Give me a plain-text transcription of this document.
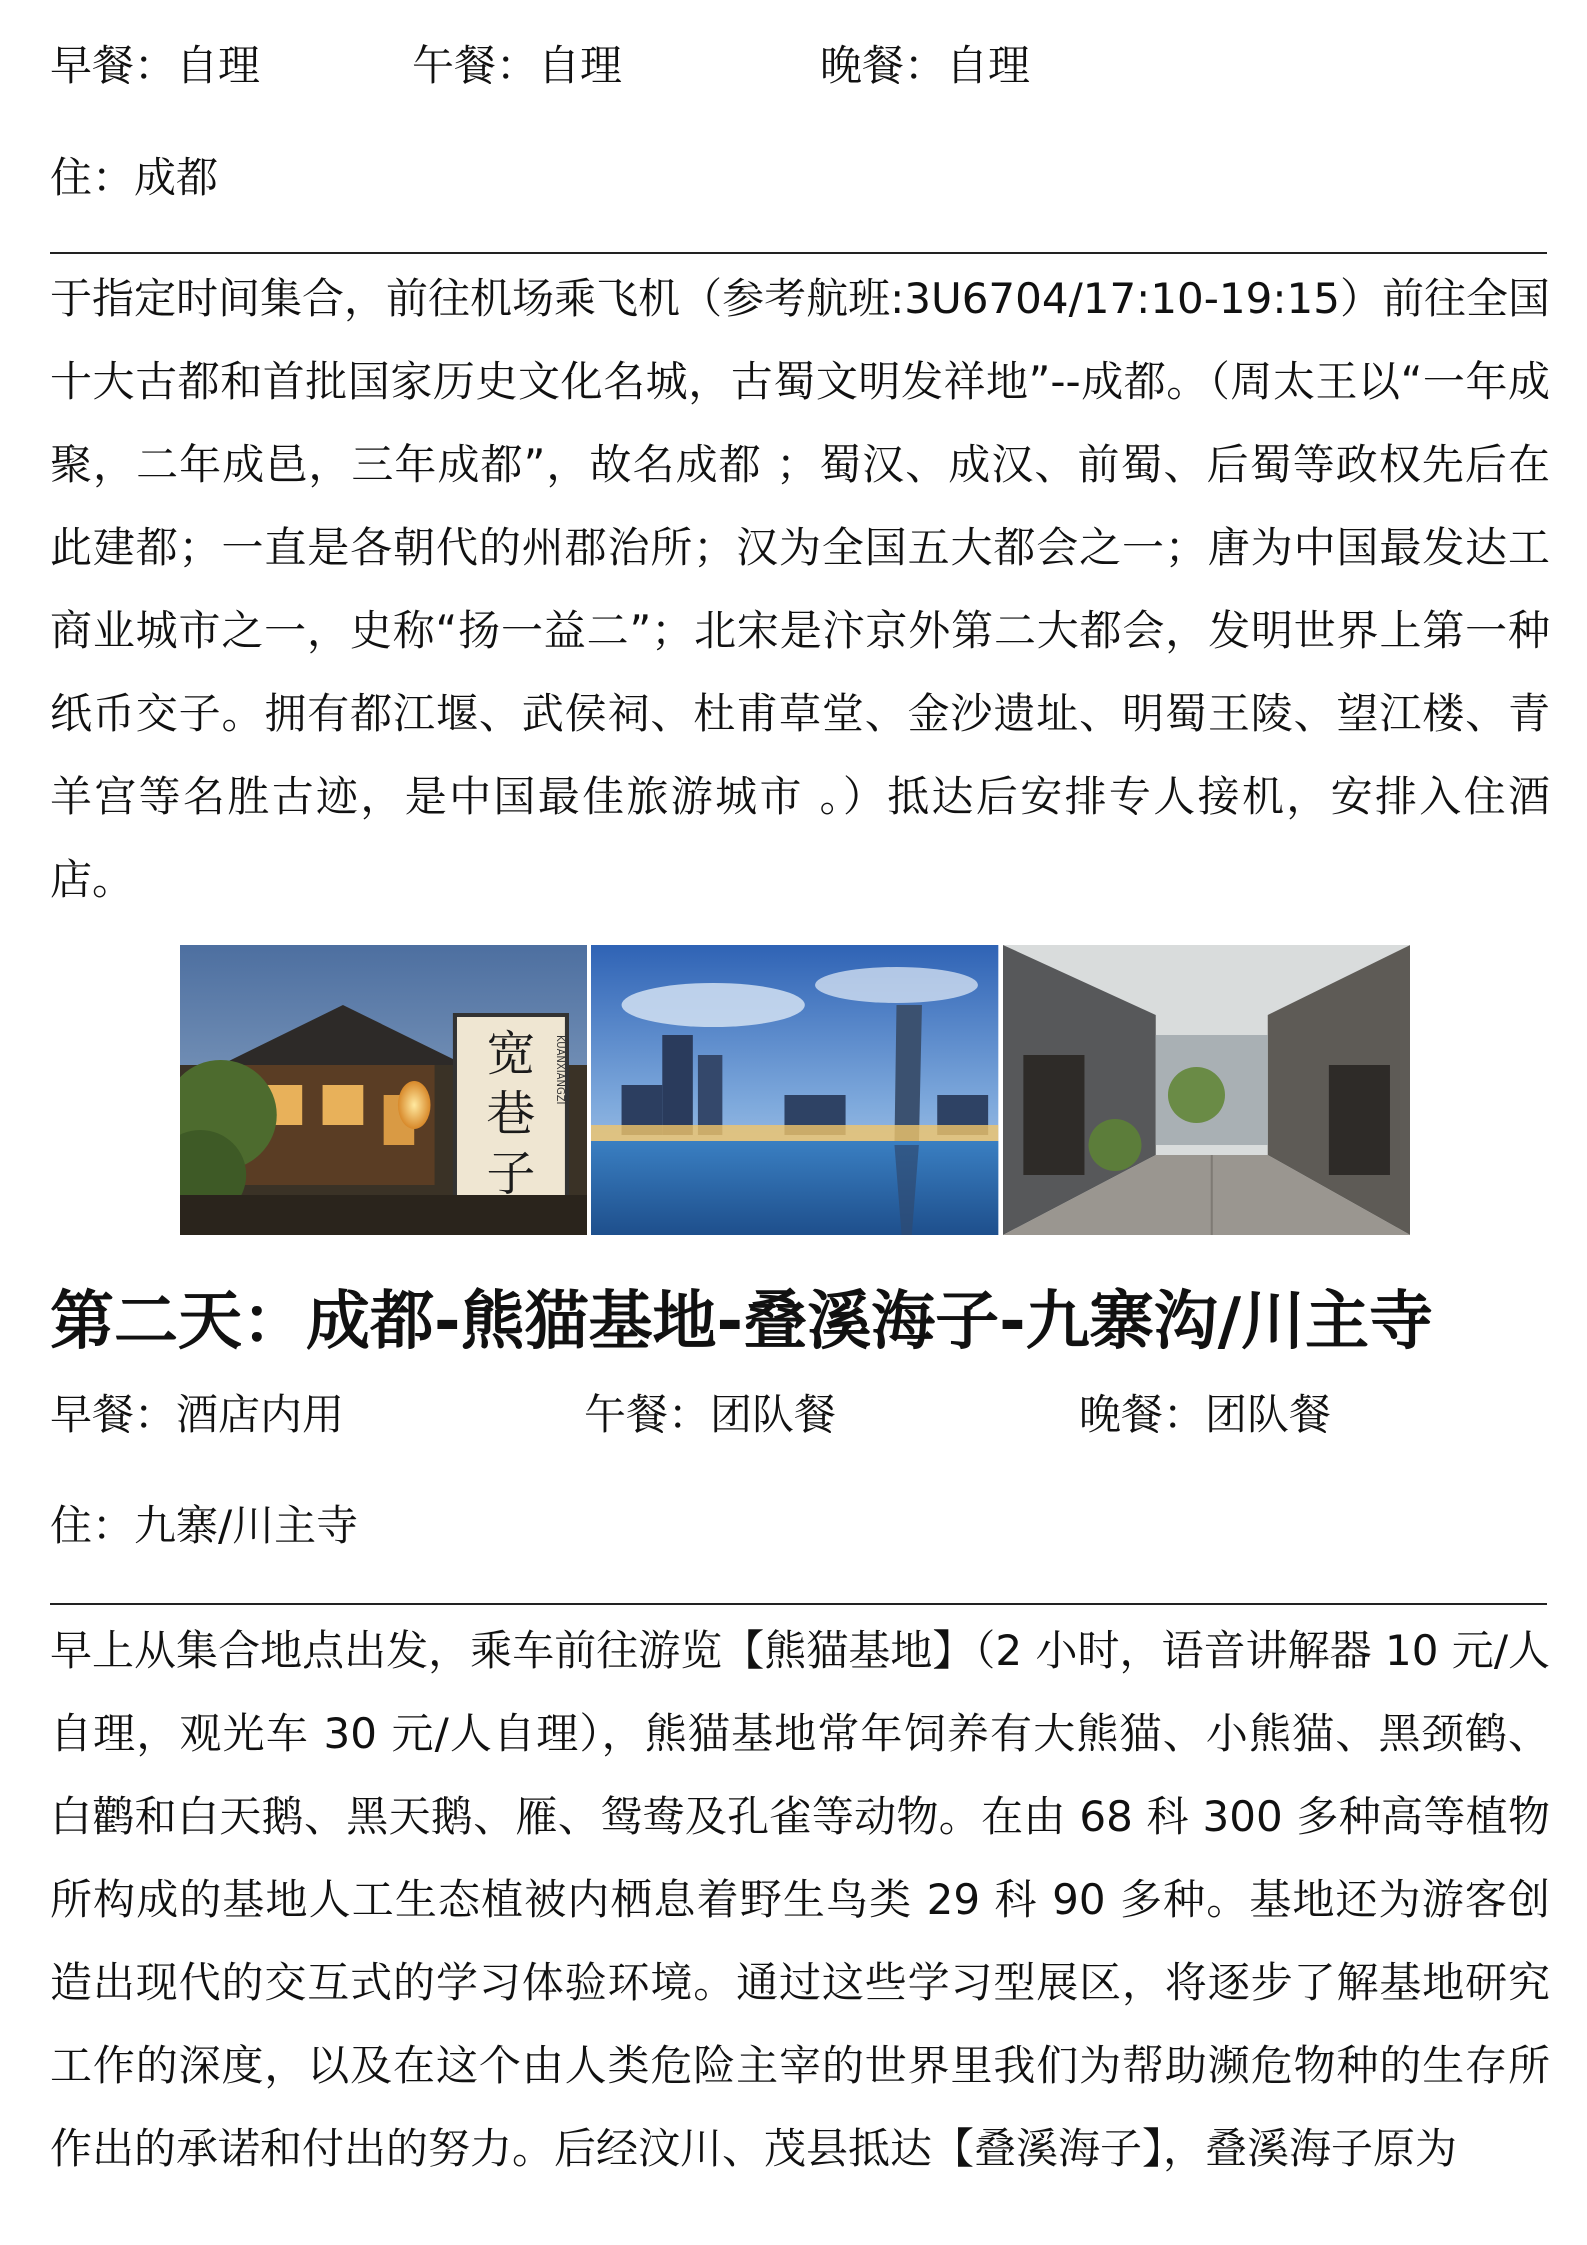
早餐：自理	午餐：自理	晚餐：自理
住：成都

于指定时间集合，前往机场乘飞机（参考航班:3U6704/17:10-19:15）前往全国十大古都和首批国家历史文化名城，古蜀文明发祥地”--成都。（周太王以“一年成聚，二年成邑，三年成都”，故名成都 ；蜀汉、成汉、前蜀、后蜀等政权先后在此建都；一直是各朝代的州郡治所；汉为全国五大都会之一；唐为中国最发达工商业城市之一，史称“扬一益二”；北宋是汴京外第二大都会，发明世界上第一种纸币交子。拥有都江堰、武侯祠、杜甫草堂、金沙遗址、明蜀王陵、望江楼、青羊宫等名胜古迹，是中国最佳旅游城市 。）抵达后安排专人接机，安排入住酒店。

宽
巷
子
KUANXIANGZI
第二天：成都-熊猫基地-叠溪海子-九寨沟/川主寺
早餐：酒店内用	午餐：团队餐	晚餐：团队餐
住：九寨/川主寺

早上从集合地点出发，乘车前往游览【熊猫基地】（2 小时，语音讲解器 10 元/人自理，观光车 30 元/人自理），熊猫基地常年饲养有大熊猫、小熊猫、黑颈鹤、白鹳和白天鹅、黑天鹅、雁、鸳鸯及孔雀等动物。在由 68 科 300 多种高等植物所构成的基地人工生态植被内栖息着野生鸟类 29 科 90 多种。基地还为游客创造出现代的交互式的学习体验环境。通过这些学习型展区，将逐步了解基地研究工作的深度，以及在这个由人类危险主宰的世界里我们为帮助濒危物种的生存所作出的承诺和付出的努力。后经汶川、茂县抵达【叠溪海子】，叠溪海子原为
